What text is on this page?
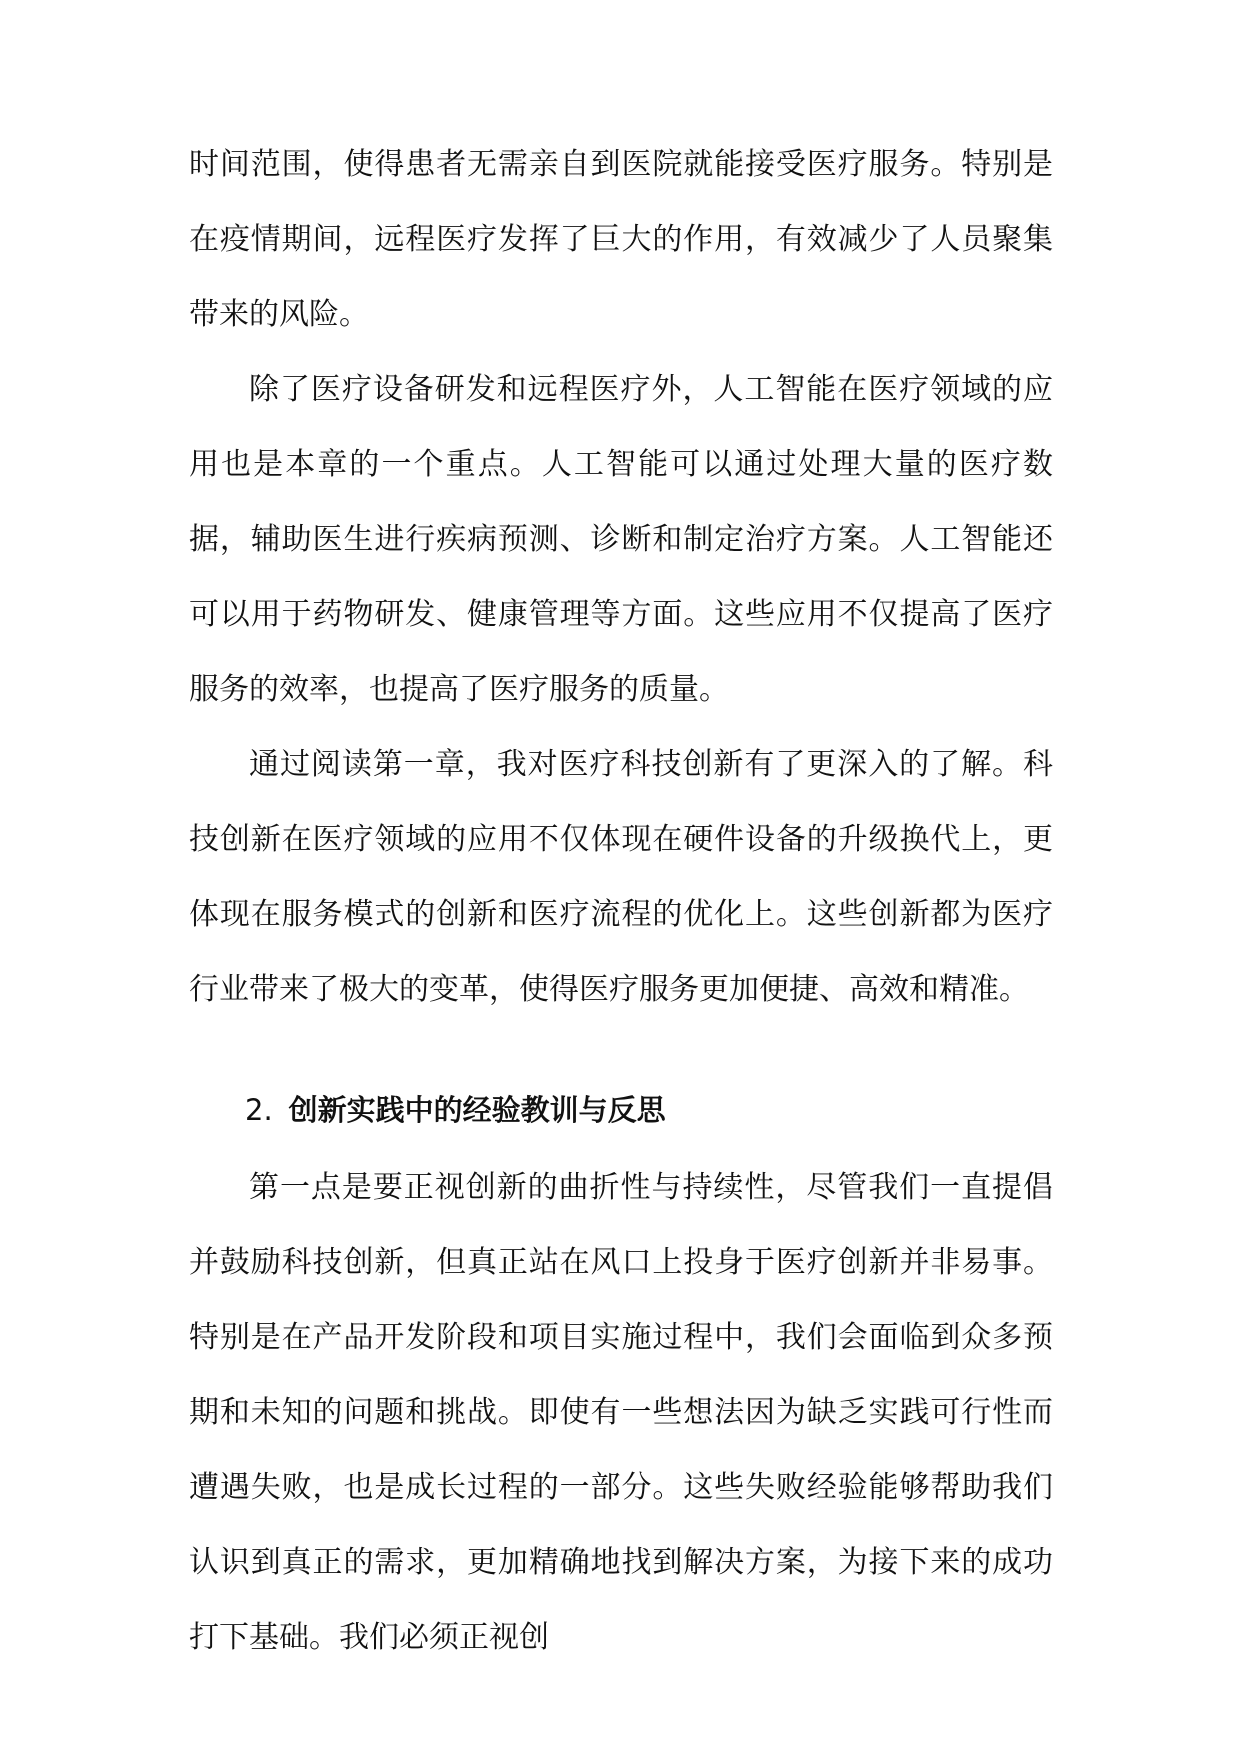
时间范围，使得患者无需亲自到医院就能接受医疗服务。特别是在疫情期间，远程医疗发挥了巨大的作用，有效减少了人员聚集带来的风险。

除了医疗设备研发和远程医疗外，人工智能在医疗领域的应用也是本章的一个重点。人工智能可以通过处理大量的医疗数据，辅助医生进行疾病预测、诊断和制定治疗方案。人工智能还可以用于药物研发、健康管理等方面。这些应用不仅提高了医疗服务的效率，也提高了医疗服务的质量。

通过阅读第一章，我对医疗科技创新有了更深入的了解。科技创新在医疗领域的应用不仅体现在硬件设备的升级换代上，更体现在服务模式的创新和医疗流程的优化上。这些创新都为医疗行业带来了极大的变革，使得医疗服务更加便捷、高效和精准。

2. 创新实践中的经验教训与反思

第一点是要正视创新的曲折性与持续性，尽管我们一直提倡并鼓励科技创新，但真正站在风口上投身于医疗创新并非易事。特别是在产品开发阶段和项目实施过程中，我们会面临到众多预期和未知的问题和挑战。即使有一些想法因为缺乏实践可行性而遭遇失败，也是成长过程的一部分。这些失败经验能够帮助我们认识到真正的需求，更加精确地找到解决方案，为接下来的成功打下基础。我们必须正视创
